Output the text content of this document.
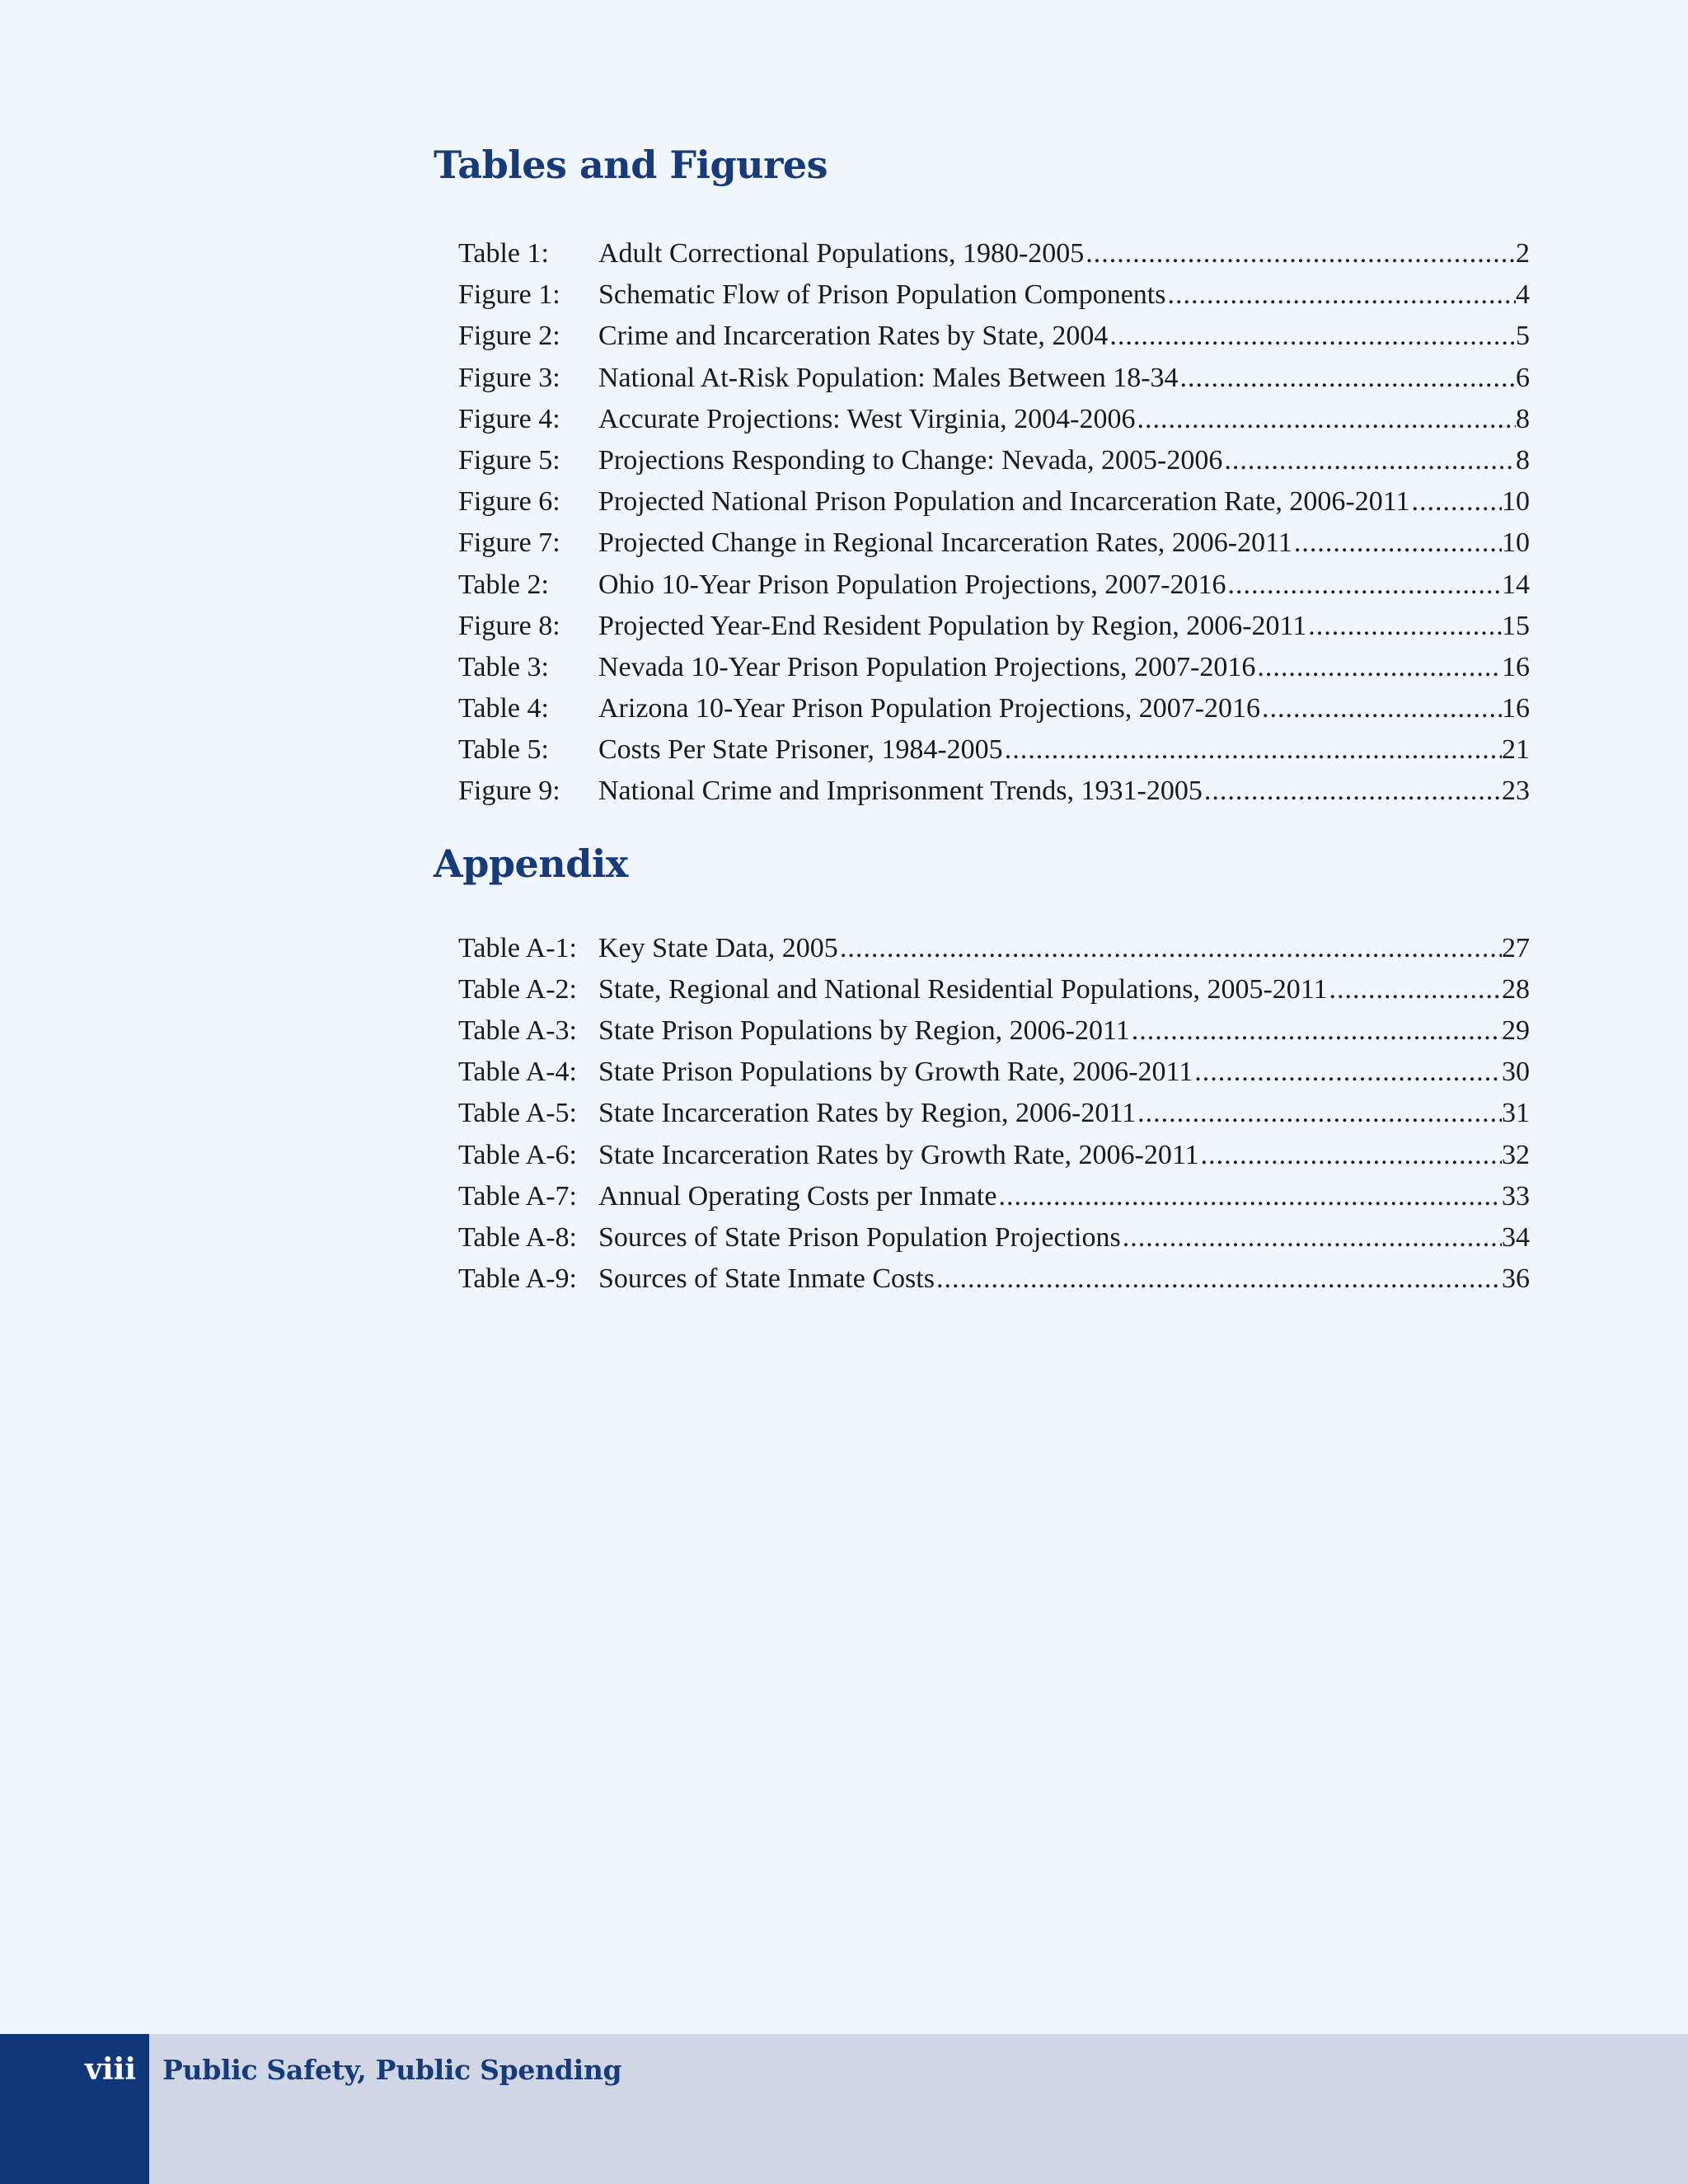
Tables and Figures
Table 1:	Adult Correctional Populations, 1980-2005 .....	2
Figure 1:	Schematic Flow of Prison Population Components .....	4
Figure 2:	Crime and Incarceration Rates by State, 2004 .....	5
Figure 3:	National At-Risk Population: Males Between 18-34 .....	6
Figure 4:	Accurate Projections: West Virginia, 2004-2006 .....	8
Figure 5:	Projections Responding to Change: Nevada, 2005-2006 .....	8
Figure 6:	Projected National Prison Population and Incarceration Rate, 2006-2011 .....	10
Figure 7:	Projected Change in Regional Incarceration Rates, 2006-2011 .....	10
Table 2:	Ohio 10-Year Prison Population Projections, 2007-2016 .....	14
Figure 8:	Projected Year-End Resident Population by Region, 2006-2011 .....	15
Table 3:	Nevada 10-Year Prison Population Projections, 2007-2016 .....	16
Table 4:	Arizona 10-Year Prison Population Projections, 2007-2016 .....	16
Table 5:	Costs Per State Prisoner, 1984-2005 .....	21
Figure 9:	National Crime and Imprisonment Trends, 1931-2005 .....	23
Appendix
Table A-1: Key State Data, 2005 .....	27
Table A-2: State, Regional and National Residential Populations, 2005-2011 .....	28
Table A-3: State Prison Populations by Region, 2006-2011 .....	29
Table A-4: State Prison Populations by Growth Rate, 2006-2011 .....	30
Table A-5: State Incarceration Rates by Region, 2006-2011 .....	31
Table A-6: State Incarceration Rates by Growth Rate, 2006-2011 .....	32
Table A-7: Annual Operating Costs per Inmate .....	33
Table A-8: Sources of State Prison Population Projections .....	34
Table A-9: Sources of State Inmate Costs .....	36
viii Public Safety, Public Spending
